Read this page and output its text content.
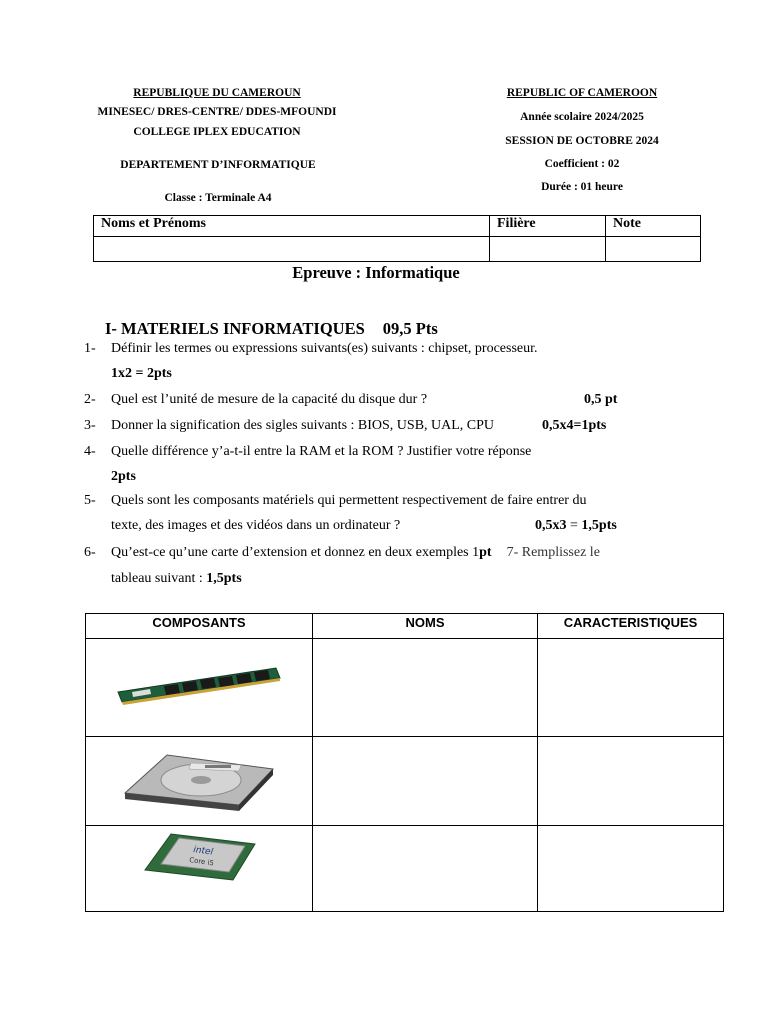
REPUBLIQUE DU CAMEROUN
MINESEC/ DRES-CENTRE/ DDES-MFOUNDI
COLLEGE IPLEX EDUCATION
DEPARTEMENT D’INFORMATIQUE
Classe : Terminale A4
REPUBLIC OF CAMEROON
Année scolaire 2024/2025
SESSION DE OCTOBRE 2024
Coefficient : 02
Durée : 01 heure
Noms et Prénoms	Filière	Note

Epreuve : Informatique
I- MATERIELS INFORMATIQUES 09,5 Pts
1- Définir les termes ou expressions suivants(es) suivants : chipset, processeur.
1x2 = 2pts
2- Quel est l’unité de mesure de la capacité du disque dur ?	0,5 pt
3- Donner la signification des sigles suivants : BIOS, USB, UAL, CPU	0,5x4=1pts
4- Quelle différence y’a-t-il entre la RAM et la ROM ? Justifier votre réponse
2pts
5- Quels sont les composants matériels qui permettent respectivement de faire entrer du
texte, des images et des vidéos dans un ordinateur ?	0,5x3 = 1,5pts
6- Qu’est-ce qu’une carte d’extension et donnez en deux exemples 1pt 7- Remplissez le
tableau suivant : 1,5pts
COMPOSANTS	NOMS	CARACTERISTIQUES

intel
Core i5		
